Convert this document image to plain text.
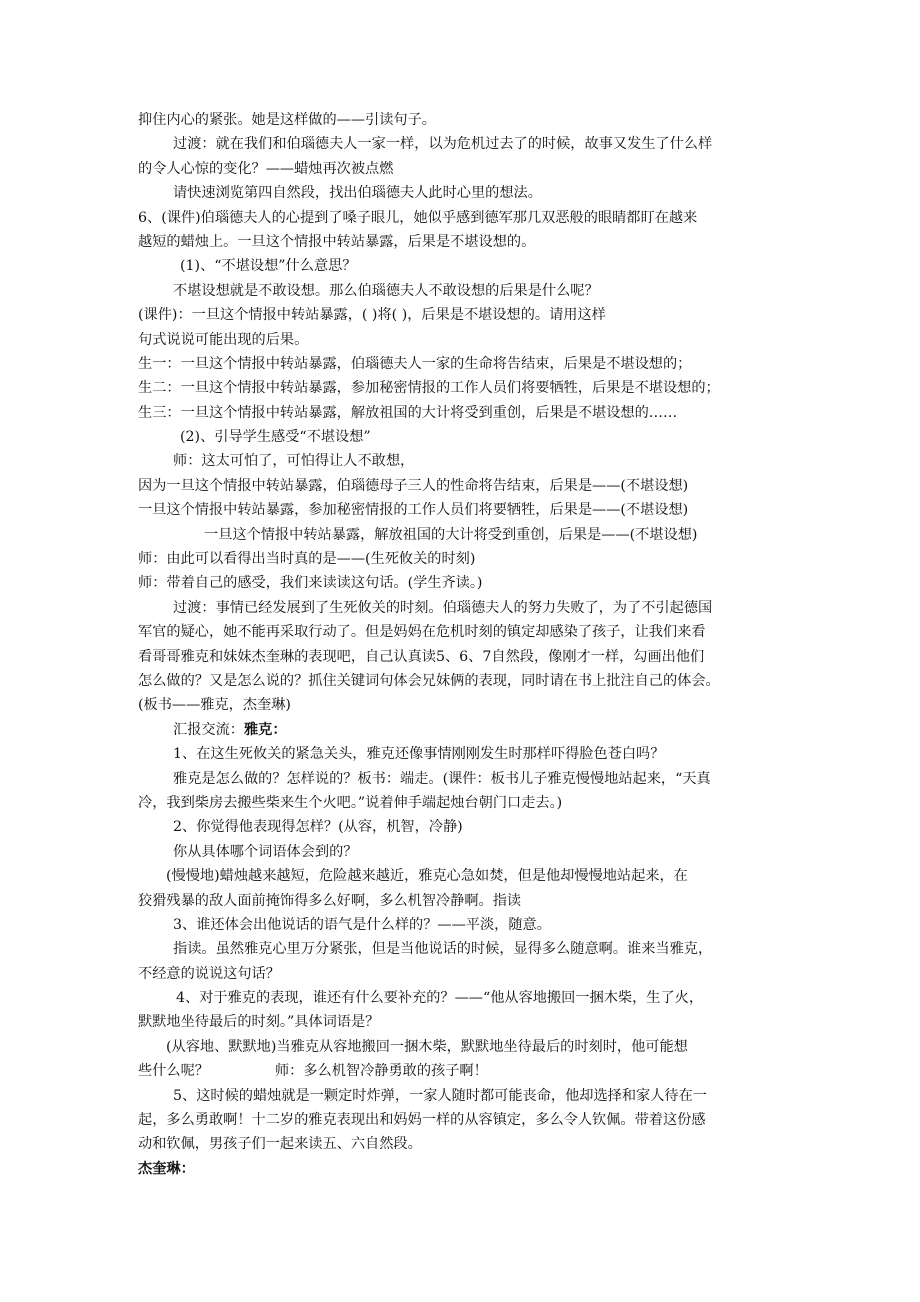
抑住内心的紧张。她是这样做的——引读句子。

过渡：就在我们和伯瑙德夫人一家一样，以为危机过去了的时候，故事又发生了什么样

的令人心惊的变化？——蜡烛再次被点燃

请快速浏览第四自然段，找出伯瑙德夫人此时心里的想法。

6、(课件)伯瑙德夫人的心提到了嗓子眼儿，她似乎感到德军那几双恶般的眼睛都盯在越来

越短的蜡烛上。一旦这个情报中转站暴露，后果是不堪设想的。

(1)、“不堪设想”什么意思？

不堪设想就是不敢设想。那么伯瑙德夫人不敢设想的后果是什么呢？

(课件)：一旦这个情报中转站暴露，( )将( )，后果是不堪设想的。请用这样

句式说说可能出现的后果。

生一：一旦这个情报中转站暴露，伯瑙德夫人一家的生命将告结束，后果是不堪设想的；

生二：一旦这个情报中转站暴露，参加秘密情报的工作人员们将要牺牲，后果是不堪设想的；

生三：一旦这个情报中转站暴露，解放祖国的大计将受到重创，后果是不堪设想的……

(2)、引导学生感受“不堪设想”

师：这太可怕了，可怕得让人不敢想，

因为一旦这个情报中转站暴露，伯瑙德母子三人的性命将告结束，后果是——(不堪设想)

一旦这个情报中转站暴露，参加秘密情报的工作人员们将要牺牲，后果是——(不堪设想)

一旦这个情报中转站暴露，解放祖国的大计将受到重创，后果是——(不堪设想)

师：由此可以看得出当时真的是——(生死攸关的时刻)

师：带着自己的感受，我们来读读这句话。(学生齐读。)

过渡：事情已经发展到了生死攸关的时刻。伯瑙德夫人的努力失败了，为了不引起德国

军官的疑心，她不能再采取行动了。但是妈妈在危机时刻的镇定却感染了孩子，让我们来看

看哥哥雅克和妹妹杰奎琳的表现吧，自己认真读5、6、7自然段，像刚才一样，勾画出他们

怎么做的？又是怎么说的？抓住关键词句体会兄妹俩的表现，同时请在书上批注自己的体会。

(板书——雅克，杰奎琳)

汇报交流：雅克：

1、在这生死攸关的紧急关头，雅克还像事情刚刚发生时那样吓得脸色苍白吗？

雅克是怎么做的？怎样说的？板书：端走。(课件：板书儿子雅克慢慢地站起来，“天真

冷，我到柴房去搬些柴来生个火吧。”说着伸手端起烛台朝门口走去。)

2、你觉得他表现得怎样？(从容，机智，冷静)

你从具体哪个词语体会到的？

(慢慢地)蜡烛越来越短，危险越来越近，雅克心急如焚，但是他却慢慢地站起来，在

狡猾残暴的敌人面前掩饰得多么好啊，多么机智冷静啊。指读

3、谁还体会出他说话的语气是什么样的？——平淡，随意。

指读。虽然雅克心里万分紧张，但是当他说话的时候，显得多么随意啊。谁来当雅克，

不经意的说说这句话？

4、对于雅克的表现，谁还有什么要补充的？——“他从容地搬回一捆木柴，生了火，

默默地坐待最后的时刻。”具体词语是？

(从容地、默默地)当雅克从容地搬回一捆木柴，默默地坐待最后的时刻时，他可能想

些什么呢？	师：多么机智冷静勇敢的孩子啊！

5、这时候的蜡烛就是一颗定时炸弹，一家人随时都可能丧命，他却选择和家人待在一

起，多么勇敢啊！十二岁的雅克表现出和妈妈一样的从容镇定，多么令人钦佩。带着这份感

动和钦佩，男孩子们一起来读五、六自然段。

杰奎琳：
